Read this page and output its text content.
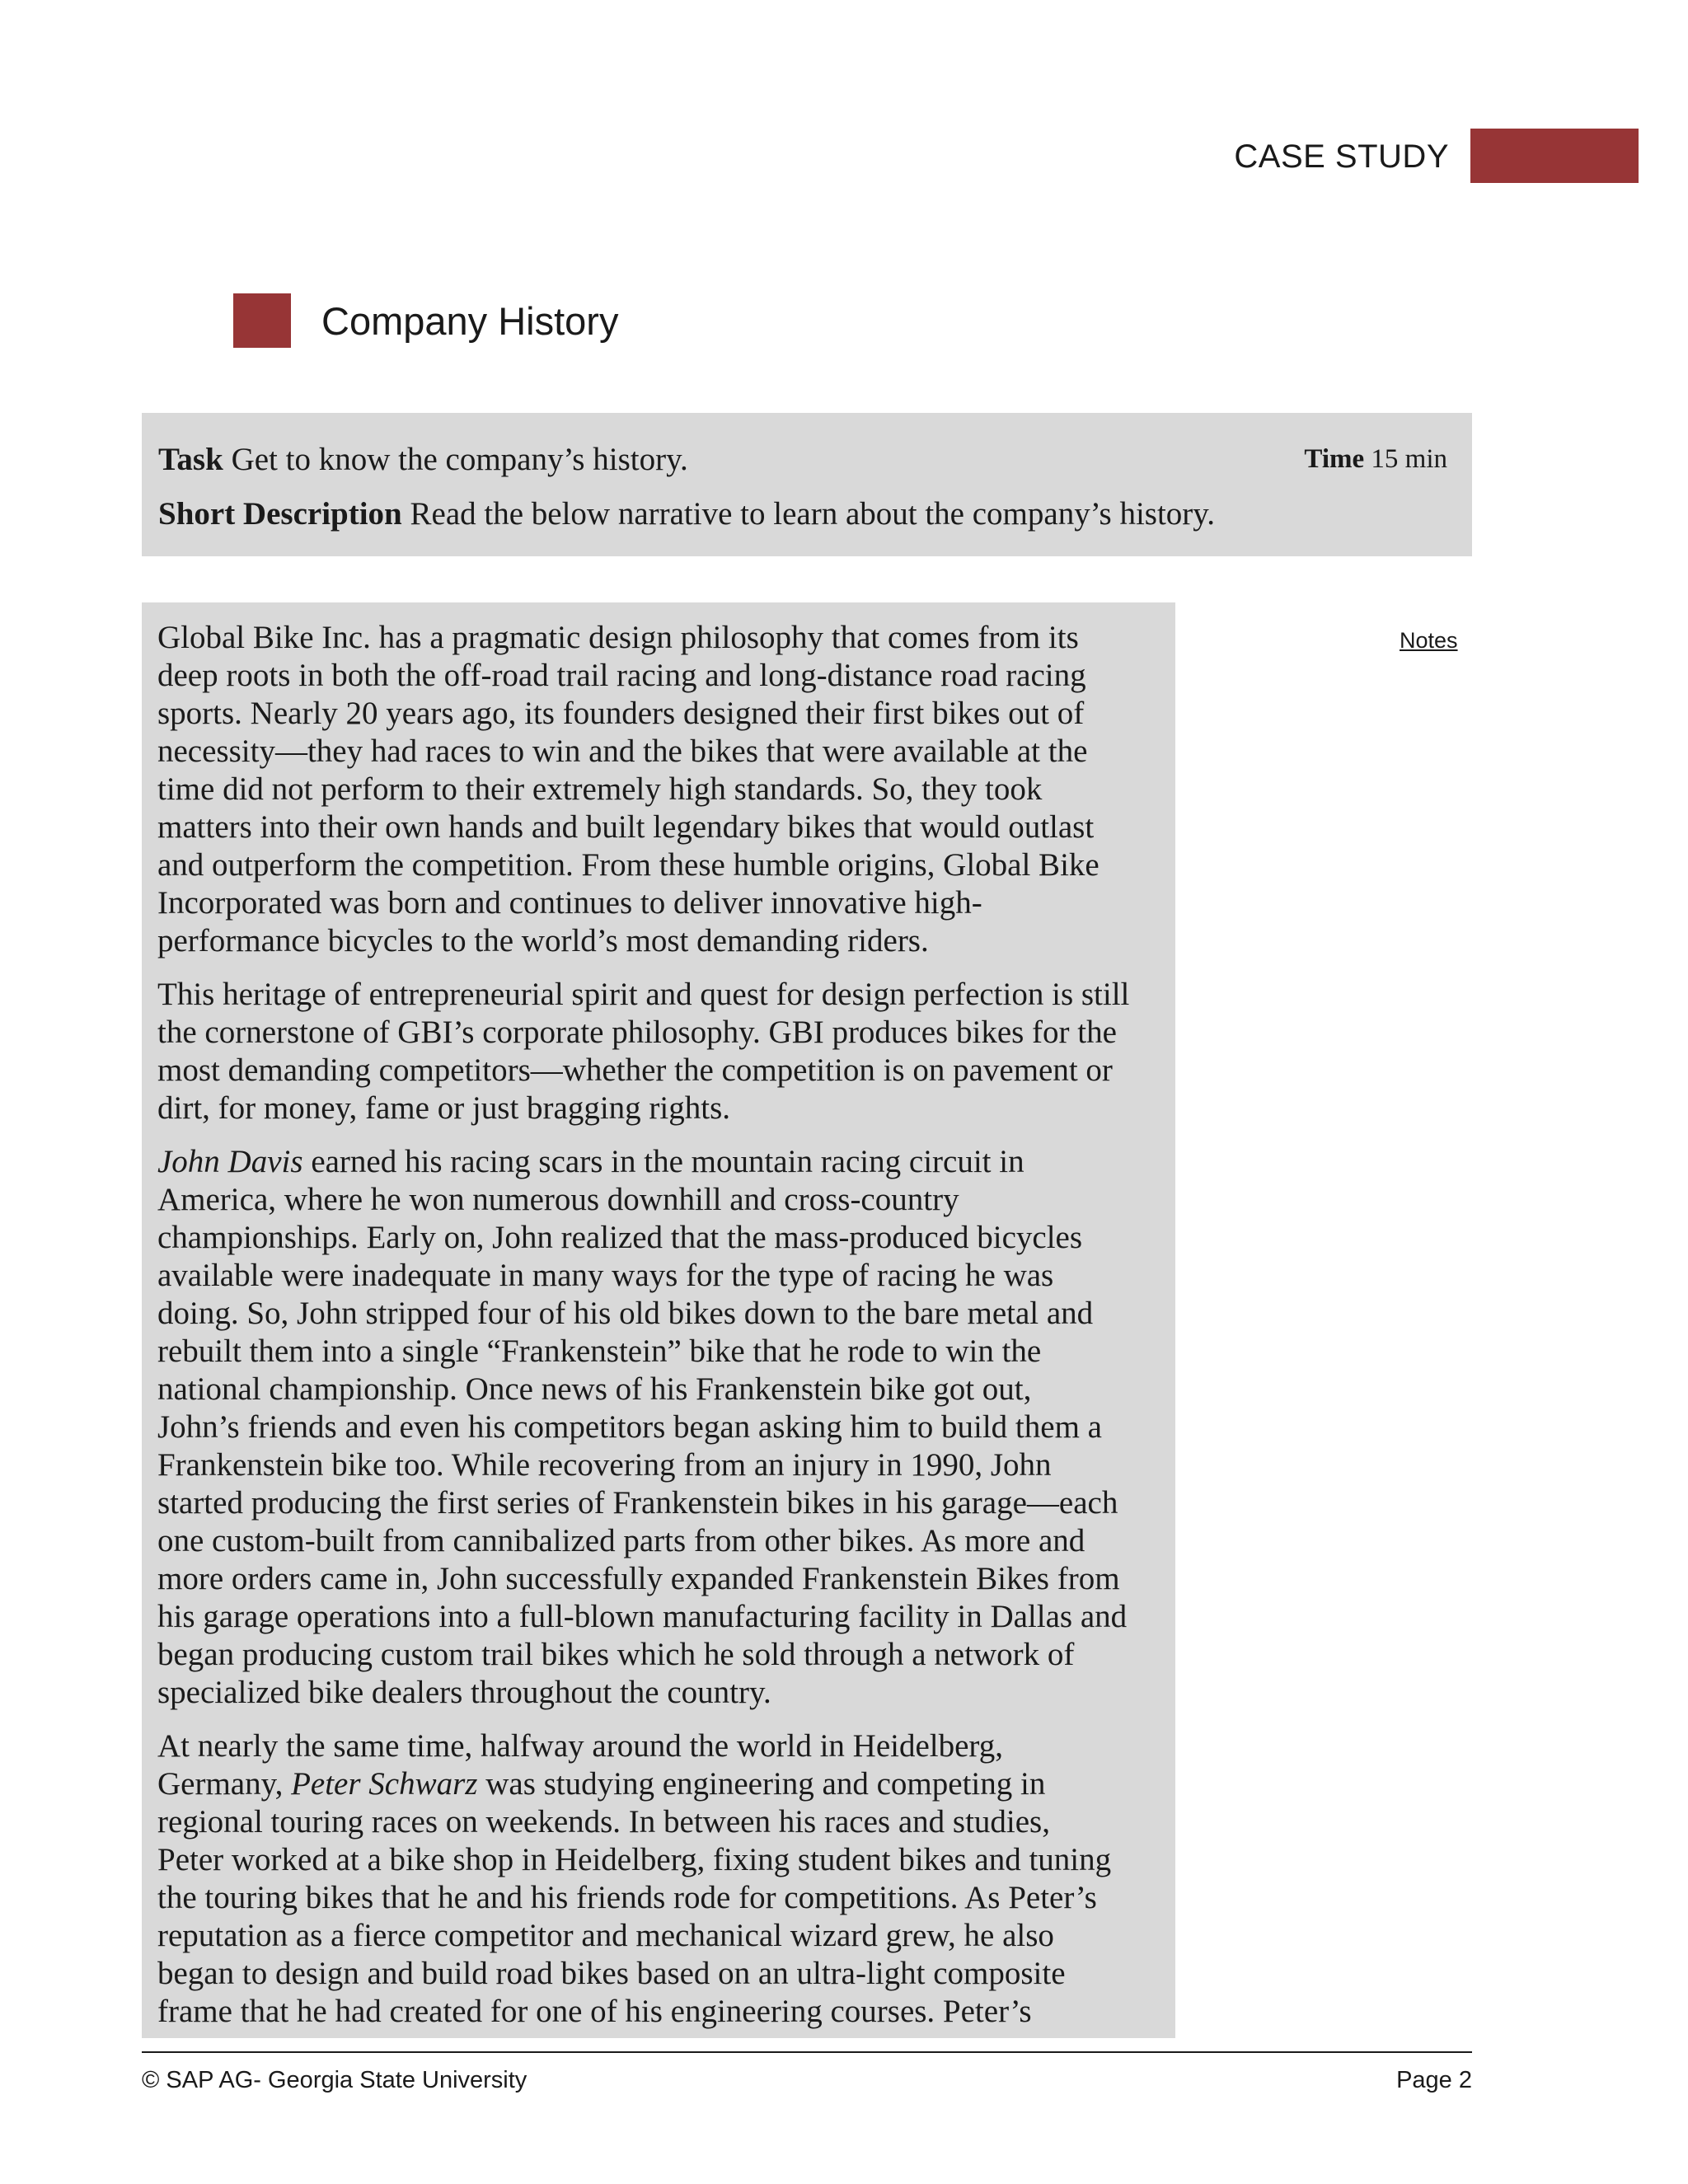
CASE STUDY
Company History
Task Get to know the company’s history.	Time 15 min
Short Description Read the below narrative to learn about the company’s history.

Global Bike Inc. has a pragmatic design philosophy that comes from its
deep roots in both the off-road trail racing and long-distance road racing
sports. Nearly 20 years ago, its founders designed their first bikes out of
necessity—they had races to win and the bikes that were available at the
time did not perform to their extremely high standards. So, they took
matters into their own hands and built legendary bikes that would outlast
and outperform the competition. From these humble origins, Global Bike
Incorporated was born and continues to deliver innovative high-
performance bicycles to the world’s most demanding riders.

This heritage of entrepreneurial spirit and quest for design perfection is still
the cornerstone of GBI’s corporate philosophy. GBI produces bikes for the
most demanding competitors—whether the competition is on pavement or
dirt, for money, fame or just bragging rights.

John Davis earned his racing scars in the mountain racing circuit in
America, where he won numerous downhill and cross-country
championships. Early on, John realized that the mass-produced bicycles
available were inadequate in many ways for the type of racing he was
doing. So, John stripped four of his old bikes down to the bare metal and
rebuilt them into a single “Frankenstein” bike that he rode to win the
national championship. Once news of his Frankenstein bike got out,
John’s friends and even his competitors began asking him to build them a
Frankenstein bike too. While recovering from an injury in 1990, John
started producing the first series of Frankenstein bikes in his garage—each
one custom-built from cannibalized parts from other bikes. As more and
more orders came in, John successfully expanded Frankenstein Bikes from
his garage operations into a full-blown manufacturing facility in Dallas and
began producing custom trail bikes which he sold through a network of
specialized bike dealers throughout the country.

At nearly the same time, halfway around the world in Heidelberg,
Germany, Peter Schwarz was studying engineering and competing in
regional touring races on weekends. In between his races and studies,
Peter worked at a bike shop in Heidelberg, fixing student bikes and tuning
the touring bikes that he and his friends rode for competitions. As Peter’s
reputation as a fierce competitor and mechanical wizard grew, he also
began to design and build road bikes based on an ultra-light composite
frame that he had created for one of his engineering courses. Peter’s

Notes
© SAP AG- Georgia State University	Page 2
